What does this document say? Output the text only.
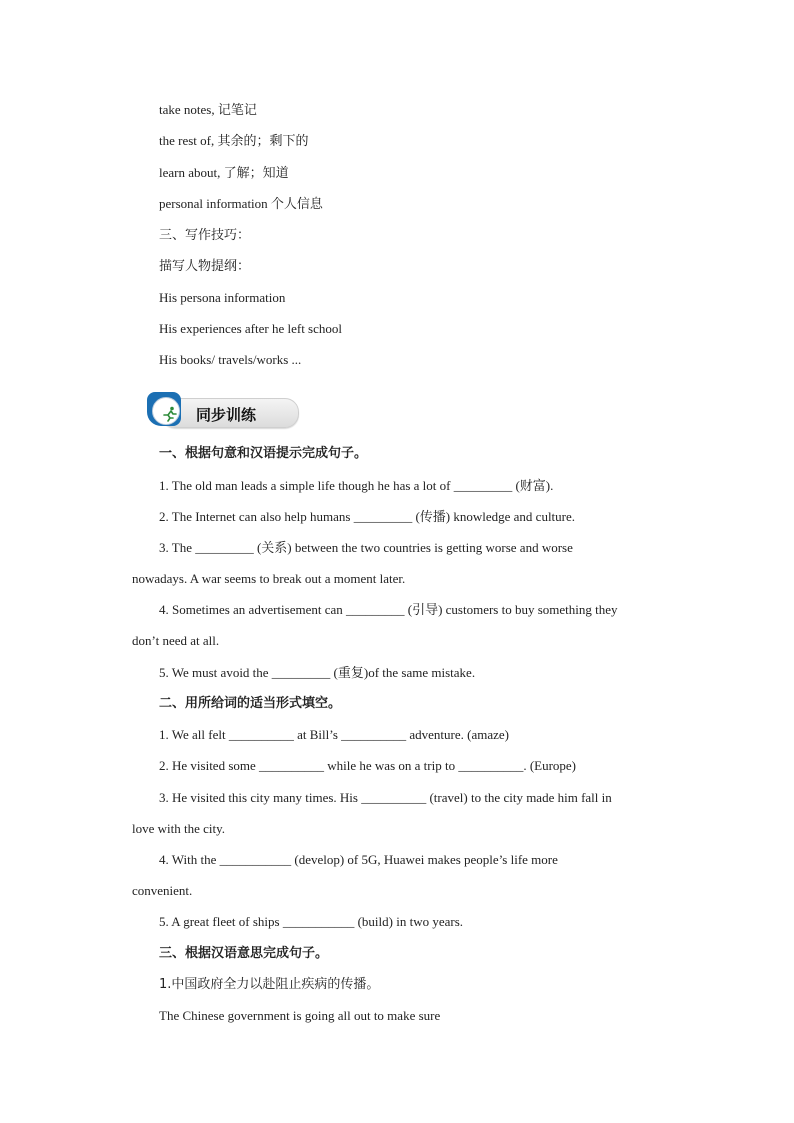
take notes, 记笔记
the rest of, 其余的；剩下的
learn about, 了解；知道
personal information 个人信息
三、写作技巧：
描写人物提纲：
His persona information
His experiences after he left school
His books/ travels/works ...
同步训练
一、根据句意和汉语提示完成句子。
1. The old man leads a simple life though he has a lot of _________ (财富).
2. The Internet can also help humans _________ (传播) knowledge and culture.
3. The _________ (关系) between the two countries is getting worse and worse
nowadays. A war seems to break out a moment later.
4. Sometimes an advertisement can _________ (引导) customers to buy something they
don’t need at all.
5. We must avoid the _________ (重复)of the same mistake.
二、用所给词的适当形式填空。
1. We all felt __________ at Bill’s __________ adventure. (amaze)
2. He visited some __________ while he was on a trip to __________. (Europe)
3. He visited this city many times. His __________ (travel) to the city made him fall in
love with the city.
4. With the ___________ (develop) of 5G, Huawei makes people’s life more
convenient.
5. A great fleet of ships ___________ (build) in two years.
三、根据汉语意思完成句子。
1.中国政府全力以赴阻止疾病的传播。
The Chinese government is going all out to make sure
